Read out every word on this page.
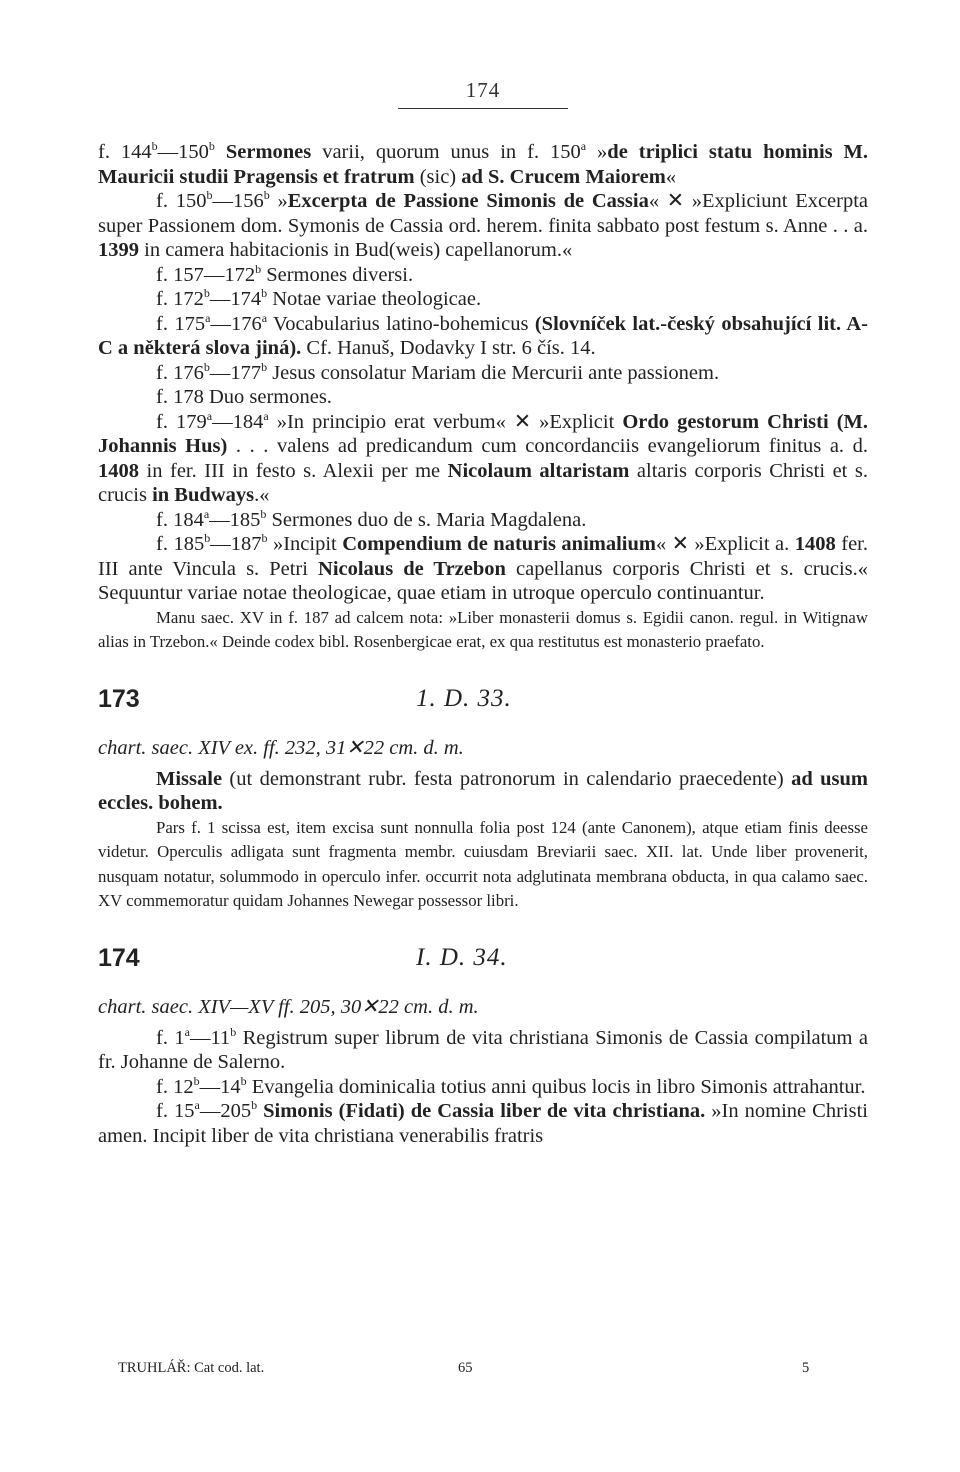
174

f. 144$^b$—150$^b$ Sermones varii, quorum unus in f. 150$^a$ »de triplici statu hominis M. Mauricii studii Pragensis et fratrum (sic) ad S. Crucem Maiorem«

f. 150$^b$—156$^b$ »Excerpta de Passione Simonis de Cassia« ✕ »Expliciunt Excerpta super Passionem dom. Symonis de Cassia ord. herem. finita sabbato post festum s. Anne . . a. 1399 in camera habitacionis in Bud(weis) capellanorum.«

f. 157—172$^b$ Sermones diversi.

f. 172$^b$—174$^b$ Notae variae theologicae.

f. 175$^a$—176$^a$ Vocabularius latino-bohemicus (Slovníček lat.-český obsahující lit. A-C a některá slova jiná). Cf. Hanuš, Dodavky I str. 6 čís. 14.

f. 176$^b$—177$^b$ Jesus consolatur Mariam die Mercurii ante passionem.

f. 178 Duo sermones.

f. 179$^a$—184$^a$ »In principio erat verbum« ✕ »Explicit Ordo gestorum Christi (M. Johannis Hus) . . . valens ad predicandum cum concordanciis evangeliorum finitus a. d. 1408 in fer. III in festo s. Alexii per me Nicolaum altaristam altaris corporis Christi et s. crucis in Budways.«

f. 184$^a$—185$^b$ Sermones duo de s. Maria Magdalena.

f. 185$^b$—187$^b$ »Incipit Compendium de naturis animalium« ✕ »Explicit a. 1408 fer. III ante Vincula s. Petri Nicolaus de Trzebon capellanus corporis Christi et s. crucis.« Sequuntur variae notae theologicae, quae etiam in utroque operculo continuantur.

Manu saec. XV in f. 187 ad calcem nota: »Liber monasterii domus s. Egidii canon. regul. in Witignaw alias in Trzebon.« Deinde codex bibl. Rosenbergicae erat, ex qua restitutus est monasterio praefato.

173	1. D. 33.
chart. saec. XIV ex. ff. 232, 31✕22 cm. d. m.

Missale (ut demonstrant rubr. festa patronorum in calendario praecedente) ad usum eccles. bohem.

Pars f. 1 scissa est, item excisa sunt nonnulla folia post 124 (ante Canonem), atque etiam finis deesse videtur. Operculis adligata sunt fragmenta membr. cuiusdam Breviarii saec. XII. lat. Unde liber provenerit, nusquam notatur, solummodo in operculo infer. occurrit nota adglutinata membrana obducta, in qua calamo saec. XV commemoratur quidam Johannes Newegar possessor libri.

174	I. D. 34.
chart. saec. XIV—XV ff. 205, 30✕22 cm. d. m.

f. 1$^a$—11$^b$ Registrum super librum de vita christiana Simonis de Cassia compilatum a fr. Johanne de Salerno.

f. 12$^b$—14$^b$ Evangelia dominicalia totius anni quibus locis in libro Simonis attrahantur.

f. 15$^a$—205$^b$ Simonis (Fidati) de Cassia liber de vita christiana. »In nomine Christi amen. Incipit liber de vita christiana venerabilis fratris

TRUHLÁŘ: Cat cod. lat.	65	5
